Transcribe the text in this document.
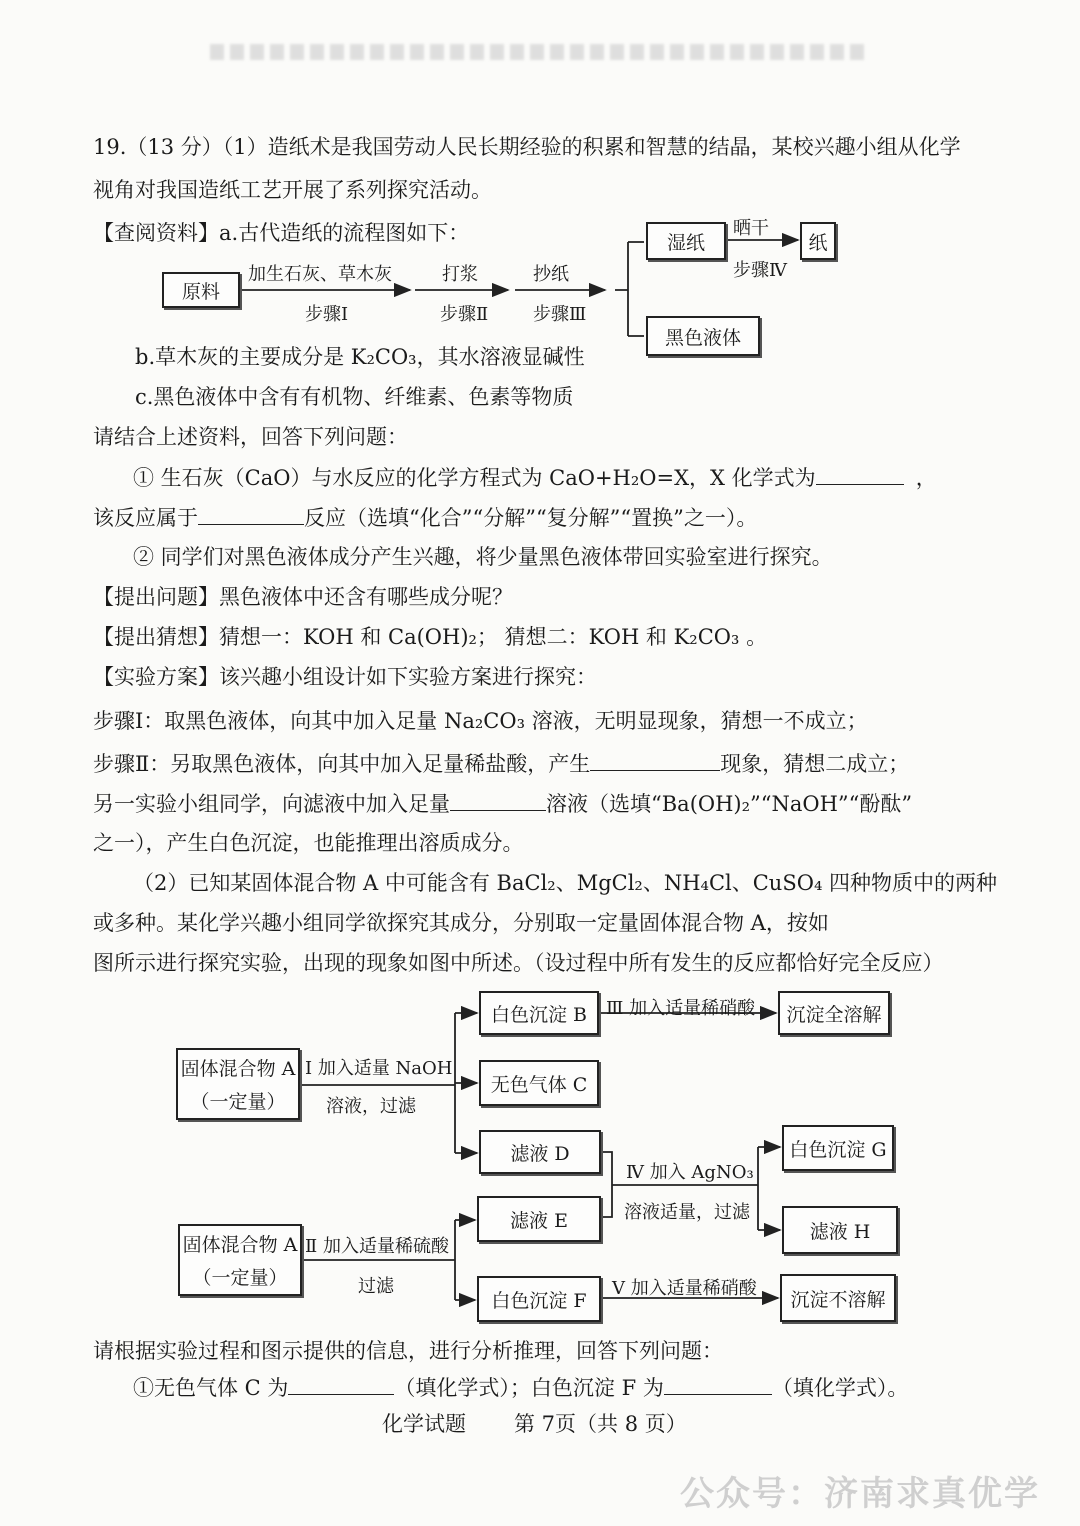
19.（13 分）（1）造纸术是我国劳动人民长期经验的积累和智慧的结晶，某校兴趣小组从化学
视角对我国造纸工艺开展了系列探究活动。
【查阅资料】a.古代造纸的流程图如下：
原料
加生石灰、草木灰
步骤Ⅰ
打浆
步骤Ⅱ
抄纸
步骤Ⅲ
湿纸
晒干
步骤Ⅳ
纸
黑色液体
b.草木灰的主要成分是 K₂CO₃，其水溶液显碱性
c.黑色液体中含有有机物、纤维素、色素等物质
请结合上述资料，回答下列问题：
① 生石灰（CaO）与水反应的化学方程式为 CaO+H₂O=X，X 化学式为	，
该反应属于	反应（选填“化合”“分解”“复分解”“置换”之一）。
② 同学们对黑色液体成分产生兴趣，将少量黑色液体带回实验室进行探究。
【提出问题】黑色液体中还含有哪些成分呢？
【提出猜想】猜想一：KOH 和 Ca(OH)₂； 猜想二：KOH 和 K₂CO₃ 。
【实验方案】该兴趣小组设计如下实验方案进行探究：
步骤Ⅰ：取黑色液体，向其中加入足量 Na₂CO₃ 溶液，无明显现象，猜想一不成立；
步骤Ⅱ：另取黑色液体，向其中加入足量稀盐酸，产生	现象，猜想二成立；
另一实验小组同学，向滤液中加入足量	溶液（选填“Ba(OH)₂”“NaOH”“酚酞”
之一），产生白色沉淀，也能推理出溶质成分。
（2）已知某固体混合物 A 中可能含有 BaCl₂、MgCl₂、NH₄Cl、CuSO₄ 四种物质中的两种
或多种。某化学兴趣小组同学欲探究其成分，分别取一定量固体混合物 A，按如
图所示进行探究实验，出现的现象如图中所述。（设过程中所有发生的反应都恰好完全反应）
固体混合物 A
（一定量）
Ⅰ 加入适量 NaOH
溶液，过滤
白色沉淀 B	Ⅲ 加入适量稀硝酸	沉淀全溶解
无色气体 C
滤液 D
Ⅳ 加入 AgNO₃
溶液适量，过滤
白色沉淀 G
滤液 H
滤液 E
固体混合物 A
（一定量）
Ⅱ 加入适量稀硫酸
过滤
白色沉淀 F
Ⅴ 加入适量稀硝酸	沉淀不溶解
请根据实验过程和图示提供的信息，进行分析推理，回答下列问题：
①无色气体 C 为	（填化学式）；白色沉淀 F 为	（填化学式）。
化学试题 第 7页（共 8 页）
公众号：济南求真优学
